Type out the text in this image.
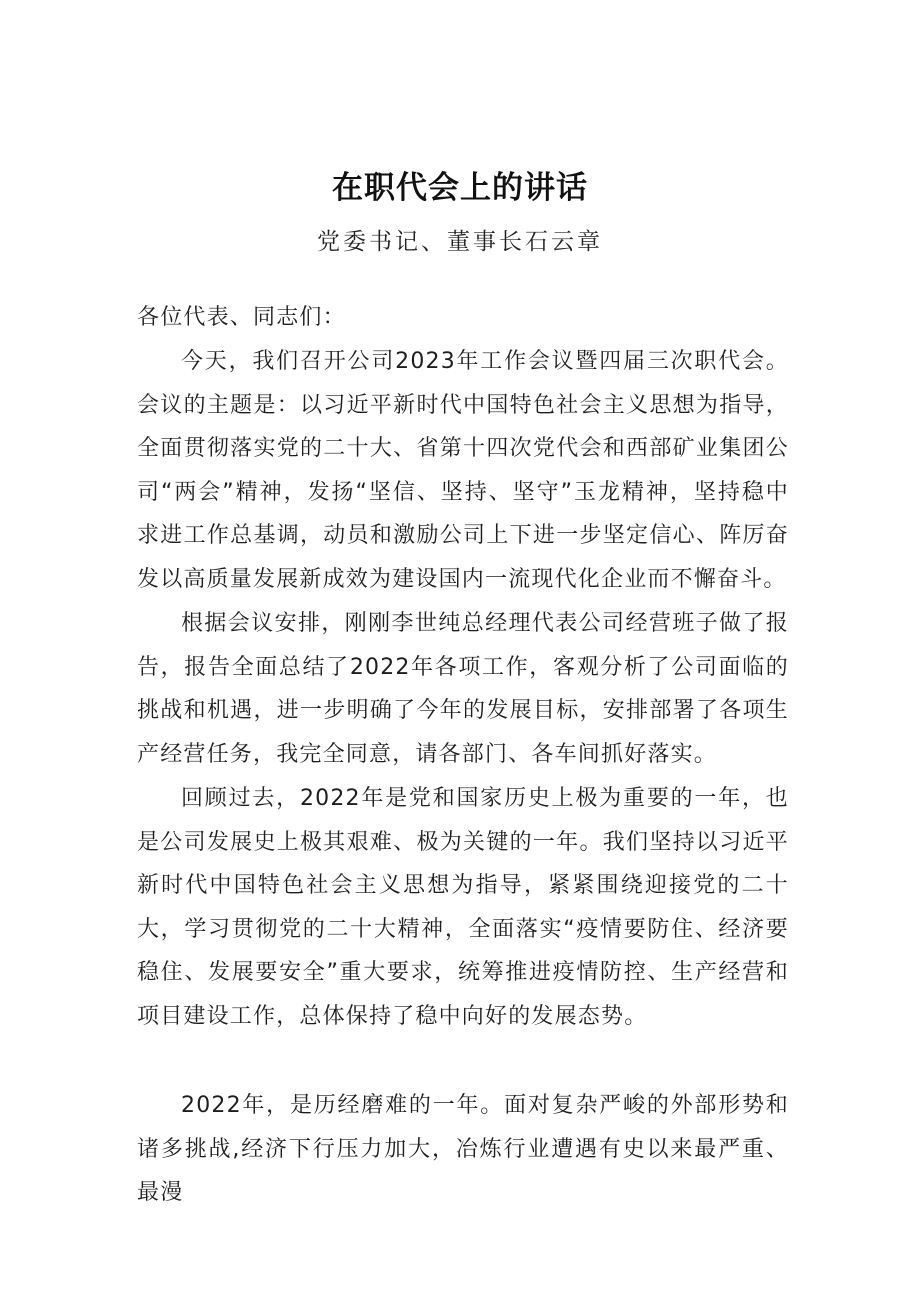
在职代会上的讲话
党委书记、董事长石云章

各位代表、同志们：

今天，我们召开公司2023年工作会议暨四届三次职代会。会议的主题是：以习近平新时代中国特色社会主义思想为指导，全面贯彻落实党的二十大、省第十四次党代会和西部矿业集团公司“两会”精神，发扬“坚信、坚持、坚守”玉龙精神，坚持稳中求进工作总基调，动员和激励公司上下进一步坚定信心、阵厉奋发以高质量发展新成效为建设国内一流现代化企业而不懈奋斗。

根据会议安排，刚刚李世纯总经理代表公司经营班子做了报告，报告全面总结了2022年各项工作，客观分析了公司面临的挑战和机遇，进一步明确了今年的发展目标，安排部署了各项生产经营任务，我完全同意，请各部门、各车间抓好落实。

回顾过去，2022年是党和国家历史上极为重要的一年，也是公司发展史上极其艰难、极为关键的一年。我们坚持以习近平新时代中国特色社会主义思想为指导，紧紧围绕迎接党的二十大，学习贯彻党的二十大精神，全面落实“疫情要防住、经济要稳住、发展要安全”重大要求，统筹推进疫情防控、生产经营和项目建设工作，总体保持了稳中向好的发展态势。

2022年，是历经磨难的一年。面对复杂严峻的外部形势和诸多挑战,经济下行压力加大，冶炼行业遭遇有史以来最严重、最漫
